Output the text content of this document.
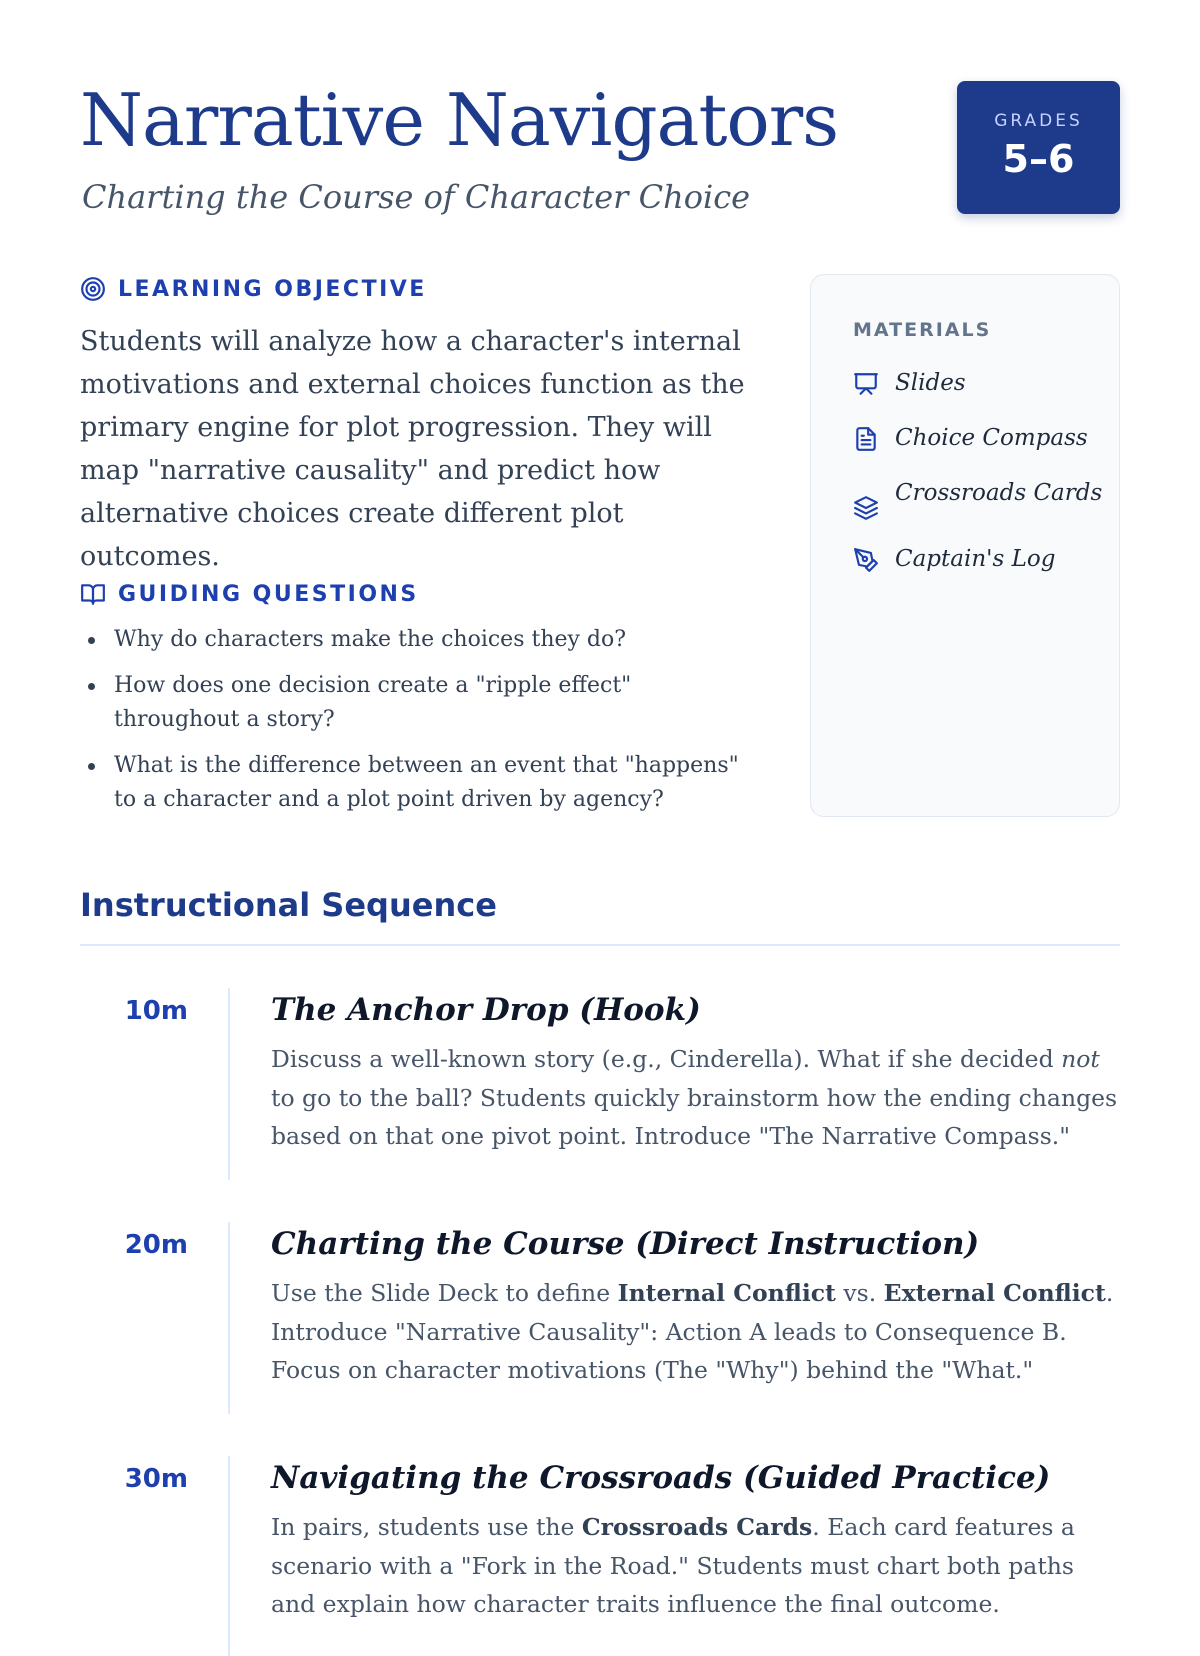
Narrative Navigators
Charting the Course of Character Choice
GRADES
5–6
LEARNING OBJECTIVE

Students will analyze how a character's internal motivations and external choices function as the primary engine for plot progression. They will map "narrative causality" and predict how alternative choices create different plot outcomes.

GUIDING QUESTIONS
Why do characters make the choices they do?
How does one decision create a "ripple effect" throughout a story?
What is the difference between an event that "happens" to a character and a plot point driven by agency?
MATERIALS
Slides
Choice Compass
Crossroads Cards
Captain's Log
Instructional Sequence
10m	The Anchor Drop (Hook)

Discuss a well-known story (e.g., Cinderella). What if she decided not to go to the ball? Students quickly brainstorm how the ending changes based on that one pivot point. Introduce "The Narrative Compass."

20m	Charting the Course (Direct Instruction)

Use the Slide Deck to define Internal Conflict vs. External Conflict. Introduce "Narrative Causality": Action A leads to Consequence B. Focus on character motivations (The "Why") behind the "What."

30m	Navigating the Crossroads (Guided Practice)

In pairs, students use the Crossroads Cards. Each card features a scenario with a "Fork in the Road." Students must chart both paths and explain how character traits influence the final outcome.
